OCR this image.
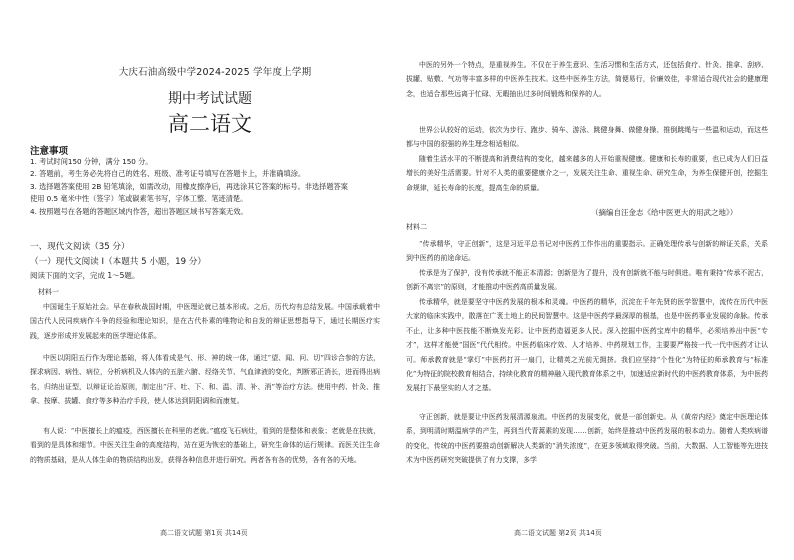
大庆石油高级中学2024-2025 学年度上学期
期中考试试题
高二语文
注意事项
1. 考试时间150 分钟，满分 150 分。
2. 答题前，考生务必先将自己的姓名、班级、准考证号填写在答题卡上，并准确填涂。
3. 选择题答案使用 2B 铅笔填涂，如需改动，用橡皮擦净后，再选涂其它答案的标号。非选择题答案
使用 0.5 毫米中性（签字）笔或碳素笔书写，字体工整、笔迹清楚。
4. 按照题号在各题的答题区域内作答，超出答题区域书写答案无效。
一、现代文阅读（35 分）
（一）现代文阅读 Ⅰ（本题共 5 小题，19 分）
阅读下面的文字，完成 1～5题。
材料一
中国诞生于原始社会。早在春秋战国时期，中医理论就已基本形成。之后，历代均有总结发展。中国承载着中国古代人民同疾病作斗争的经验和理论知识，是在古代朴素的唯物论和自发的辩证思想指导下，通过长期医疗实践，逐步形成并发展起来的医学理论体系。
中医以阴阳五行作为理论基础，将人体看成是气、形、神的统一体，通过“望、闻、问、切”四诊合参的方法，探求病因、病性、病位，分析病机及人体内的五脏六腑、经络关节、气血津液的变化，判断邪正消长，进而得出病名，归纳出证型，以辩证论治原则，制定出“汗、吐、下、和、温、清、补、消”等治疗方法。使用中药、针灸、推拿、按摩、拔罐、食疗等多种治疗手段，使人体达到阴阳调和而康复。
有人说：“中医擅长上的瘟疫，西医擅长在科里的老就。”瘟疫飞石病灶，看到的是整体和表象；老就是在扶就，看到的是具体和细节。中医关注生命的高度结构，站在更为恢宏的基础上，研究生命体的运行规律。而医关注生命的物质基础，是从人体生命的物质结构出发，获得各种信息并进行研究。两者各有各的优势，各有各的天地。
高二语文试题 第1页 共14页
中医的另外一个特点，是重视养生。不仅在于养生意识、生活习惯和生活方式，还包括食疗、针灸、推拿、刮痧、拔罐、贴敷、气功等丰富多样的中医养生技术。这些中医养生方法，简便易行，价廉效佳，非常适合现代社会的健康理念，也适合那些远离于忙碌、无暇抽出过多时间锻炼和保养的人。
世界公认较好的运动，依次为步行、跑步、骑车、游泳、跳健身舞、做健身操、推倒跳绳与一些温和运动，而这些都与中国的很强的养生理念相适相似。
随着生活水平的不断提高和消费结构的变化，越来越多的人开始重视健康。健康和长寿的重要，也已成为人们日益增长的美好生活需要。针对不人类的重要健康介之一，发展关注生命、重视生命、研究生命，为养生保健开创，挖掘生命规律，延长寿命的长度，提高生命的质量。
（摘编自汪金志《给中医更大的用武之地》）
材料二
“传承精华，守正创新”，这是习近平总书记对中医药工作作出的重要指示。正确处理传承与创新的辩证关系，关系到中医药的前途命运。
传承是为了保护，没有传承就不能正本清源；创新是为了提升，没有创新就不能与时俱进。唯有秉持“传承不泥古，创新不离宗”的原则，才能推动中医药高质量发展。
传承精华，就是要坚守中医药发展的根本和灵魂。中医药的精华，沉淀在千年先贤的医学智慧中，流传在历代中医大家的临床实践中，散落在广袤土地上的民间智慧中。这是中医药学最深厚的根基，也是中医药事业发展的命脉。传承不止，让多种中医技能不断焕发光彩。让中医药造福更多人民。深入挖掘中医药宝库中的精华，必须培养出中医“专才”，这样才能使“国医”代代相传。中医药临床疗效、人才培养、中药规划工作，主要要严格按一代一代中医药才让认可。师承教育就是“掌灯”中医药打开一扇门，让精英之光前无拥挤。我们应坚持“个性化”为特征的师承教育与“标准化”为特征的院校教育相结合，持续化教育的精神融入现代教育体系之中，加速适应新时代的中医药教育体系，为中医药发展打下最坚实的人才之基。
守正创新，就是要让中医药发展清源泉流。中医药的发展变化，就是一部创新史。从《黄帝内经》奠定中医理论体系，到明清时期温病学的产生，再到当代青蒿素的发现……创新，始终是推动中医药发展的根本动力。随着人类疾病谱的变化，传统的中医药要推动创新解决人类新的“消失浓度”，在更多领域取得突破。当前，大数据、人工智能等先进技术为中医药研究突破提供了有力支撑，多学
高二语文试题 第2页 共14页
